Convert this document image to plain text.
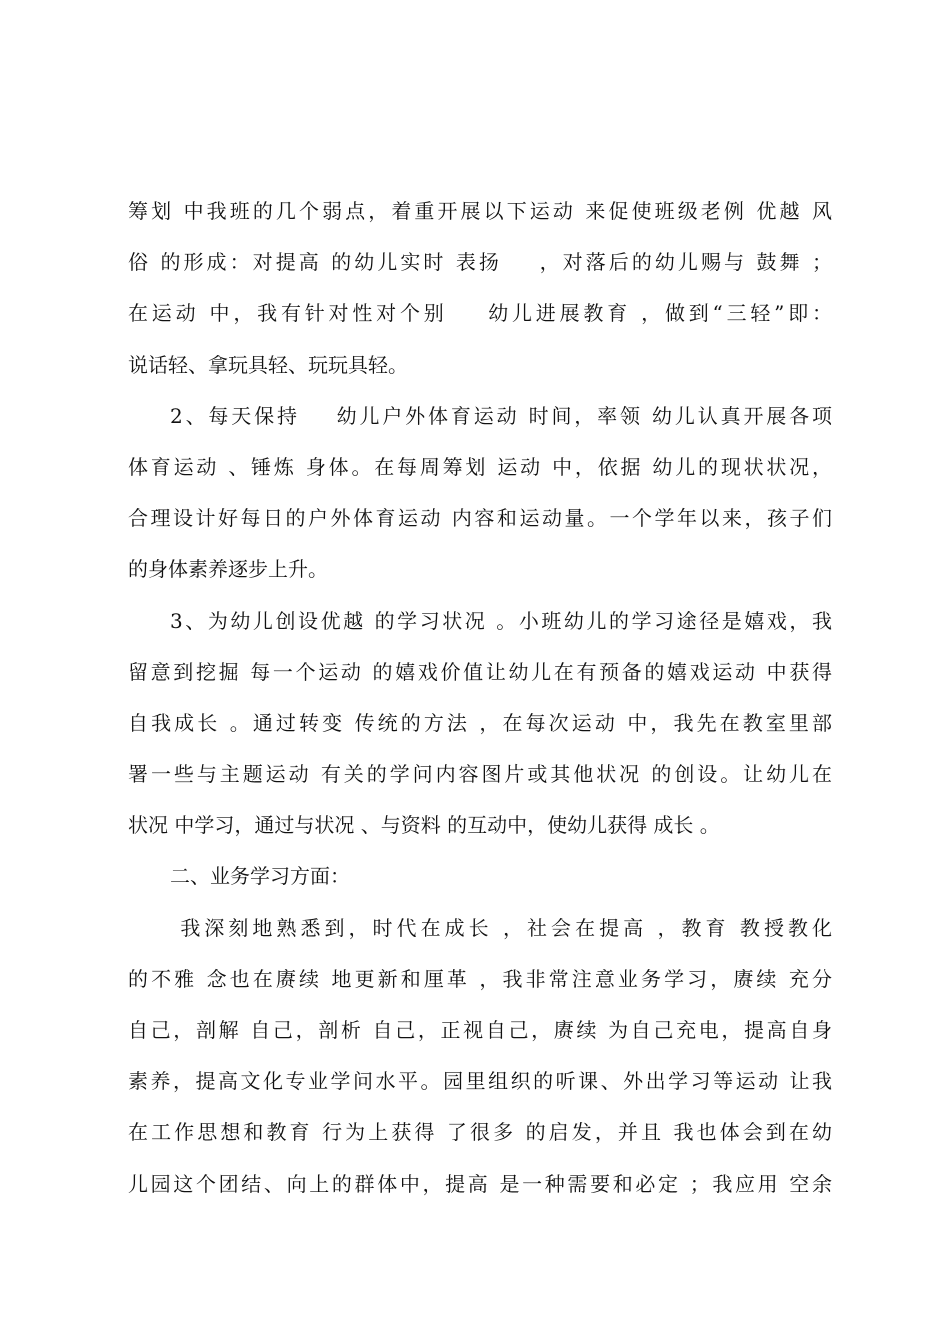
筹划 中我班的几个弱点，着重开展以下运动 来促使班级老例 优越 风
俗 的形成：对提高 的幼儿实时 表扬    ，对落后的幼儿赐与 鼓舞 ；
在运动 中，我有针对性对个别    幼儿进展教育 ，做到“三轻”即：
说话轻、拿玩具轻、玩玩具轻。
2、每天保持    幼儿户外体育运动 时间，率领 幼儿认真开展各项
体育运动 、锤炼 身体。在每周筹划 运动 中，依据 幼儿的现状状况，
合理设计好每日的户外体育运动 内容和运动量。一个学年以来，孩子们
的身体素养逐步上升。
3、为幼儿创设优越 的学习状况 。小班幼儿的学习途径是嬉戏，我
留意到挖掘 每一个运动 的嬉戏价值让幼儿在有预备的嬉戏运动 中获得
自我成长 。通过转变 传统的方法 ，在每次运动 中，我先在教室里部
署一些与主题运动 有关的学问内容图片或其他状况 的创设。让幼儿在
状况 中学习，通过与状况 、与资料 的互动中，使幼儿获得 成长 。
二、业务学习方面：
我深刻地熟悉到，时代在成长 ，社会在提高 ，教育 教授教化
的不雅 念也在赓续 地更新和厘革 ，我非常注意业务学习，赓续 充分
自己，剖解 自己，剖析 自己，正视自己，赓续 为自己充电，提高自身
素养，提高文化专业学问水平。园里组织的听课、外出学习等运动 让我
在工作思想和教育 行为上获得 了很多 的启发，并且 我也体会到在幼
儿园这个团结、向上的群体中，提高 是一种需要和必定 ；我应用 空余
